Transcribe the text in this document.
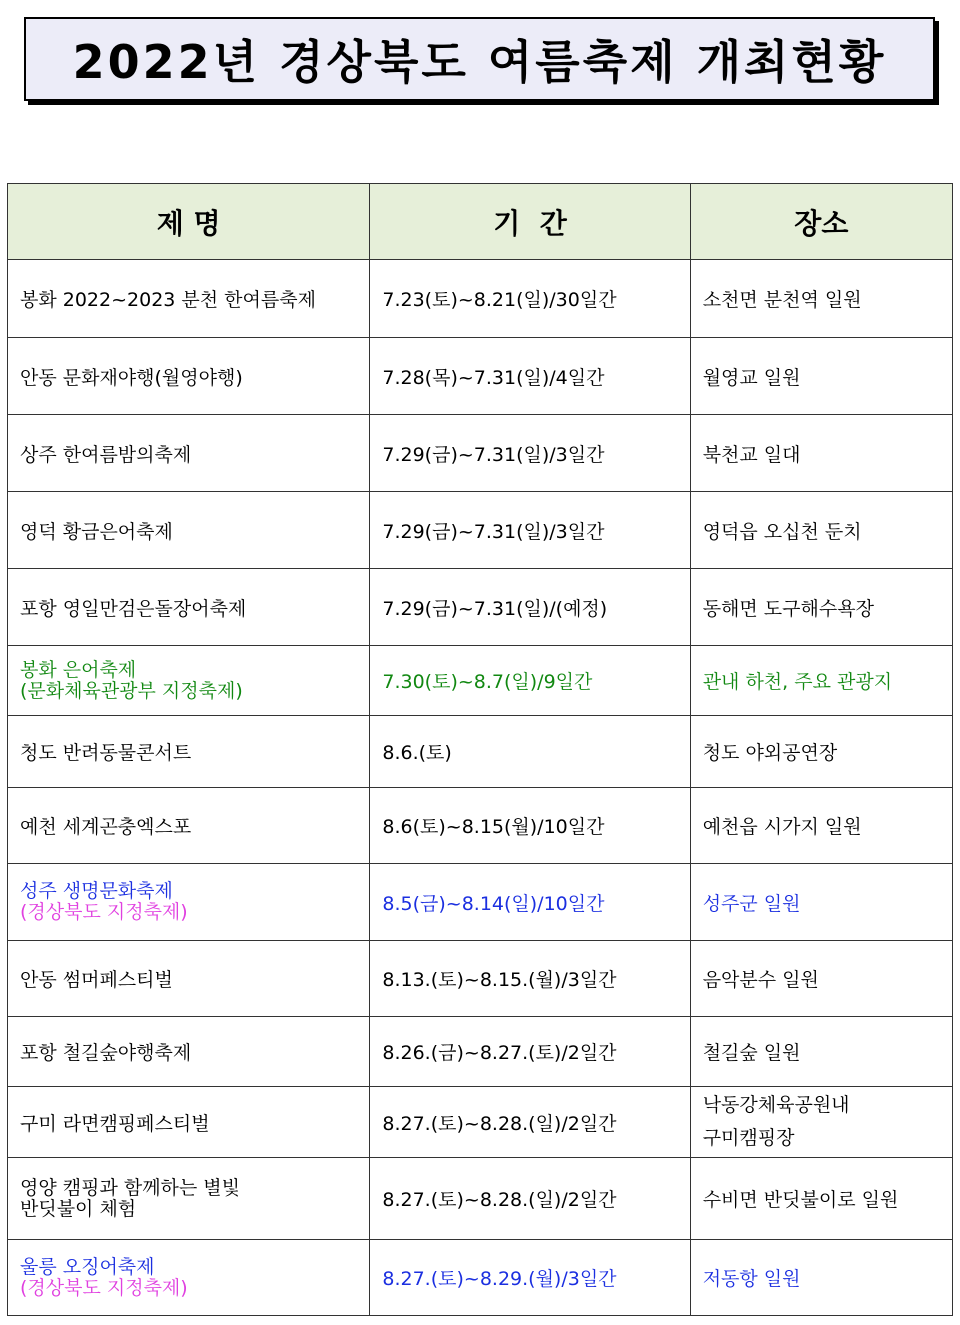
2022년 경상북도 여름축제 개최현황
제 명	기  간	장소
봉화 2022~2023 분천 한여름축제	7.23(토)~8.21(일)/30일간	소천면 분천역 일원
안동 문화재야행(월영야행)	7.28(목)~7.31(일)/4일간	월영교 일원
상주 한여름밤의축제	7.29(금)~7.31(일)/3일간	북천교 일대
영덕 황금은어축제	7.29(금)~7.31(일)/3일간	영덕읍 오십천 둔치
포항 영일만검은돌장어축제	7.29(금)~7.31(일)/(예정)	동해면 도구해수욕장

봉화 은어축제
(문화체육관광부 지정축제)	7.30(토)~8.7(일)/9일간	관내 하천, 주요 관광지
청도 반려동물콘서트	8.6.(토)	청도 야외공연장
예천 세계곤충엑스포	8.6(토)~8.15(월)/10일간	예천읍 시가지 일원

성주 생명문화축제
(경상북도 지정축제)	8.5(금)~8.14(일)/10일간	성주군 일원
안동 썸머페스티벌	8.13.(토)~8.15.(월)/3일간	음악분수 일원
포항 철길숲야행축제	8.26.(금)~8.27.(토)/2일간	철길숲 일원
구미 라면캠핑페스티벌	8.27.(토)~8.28.(일)/2일간	낙동강체육공원내
구미캠핑장

영양 캠핑과 함께하는 별빛
반딧불이 체험	8.27.(토)~8.28.(일)/2일간	수비면 반딧불이로 일원

울릉 오징어축제
(경상북도 지정축제)	8.27.(토)~8.29.(월)/3일간	저동항 일원
